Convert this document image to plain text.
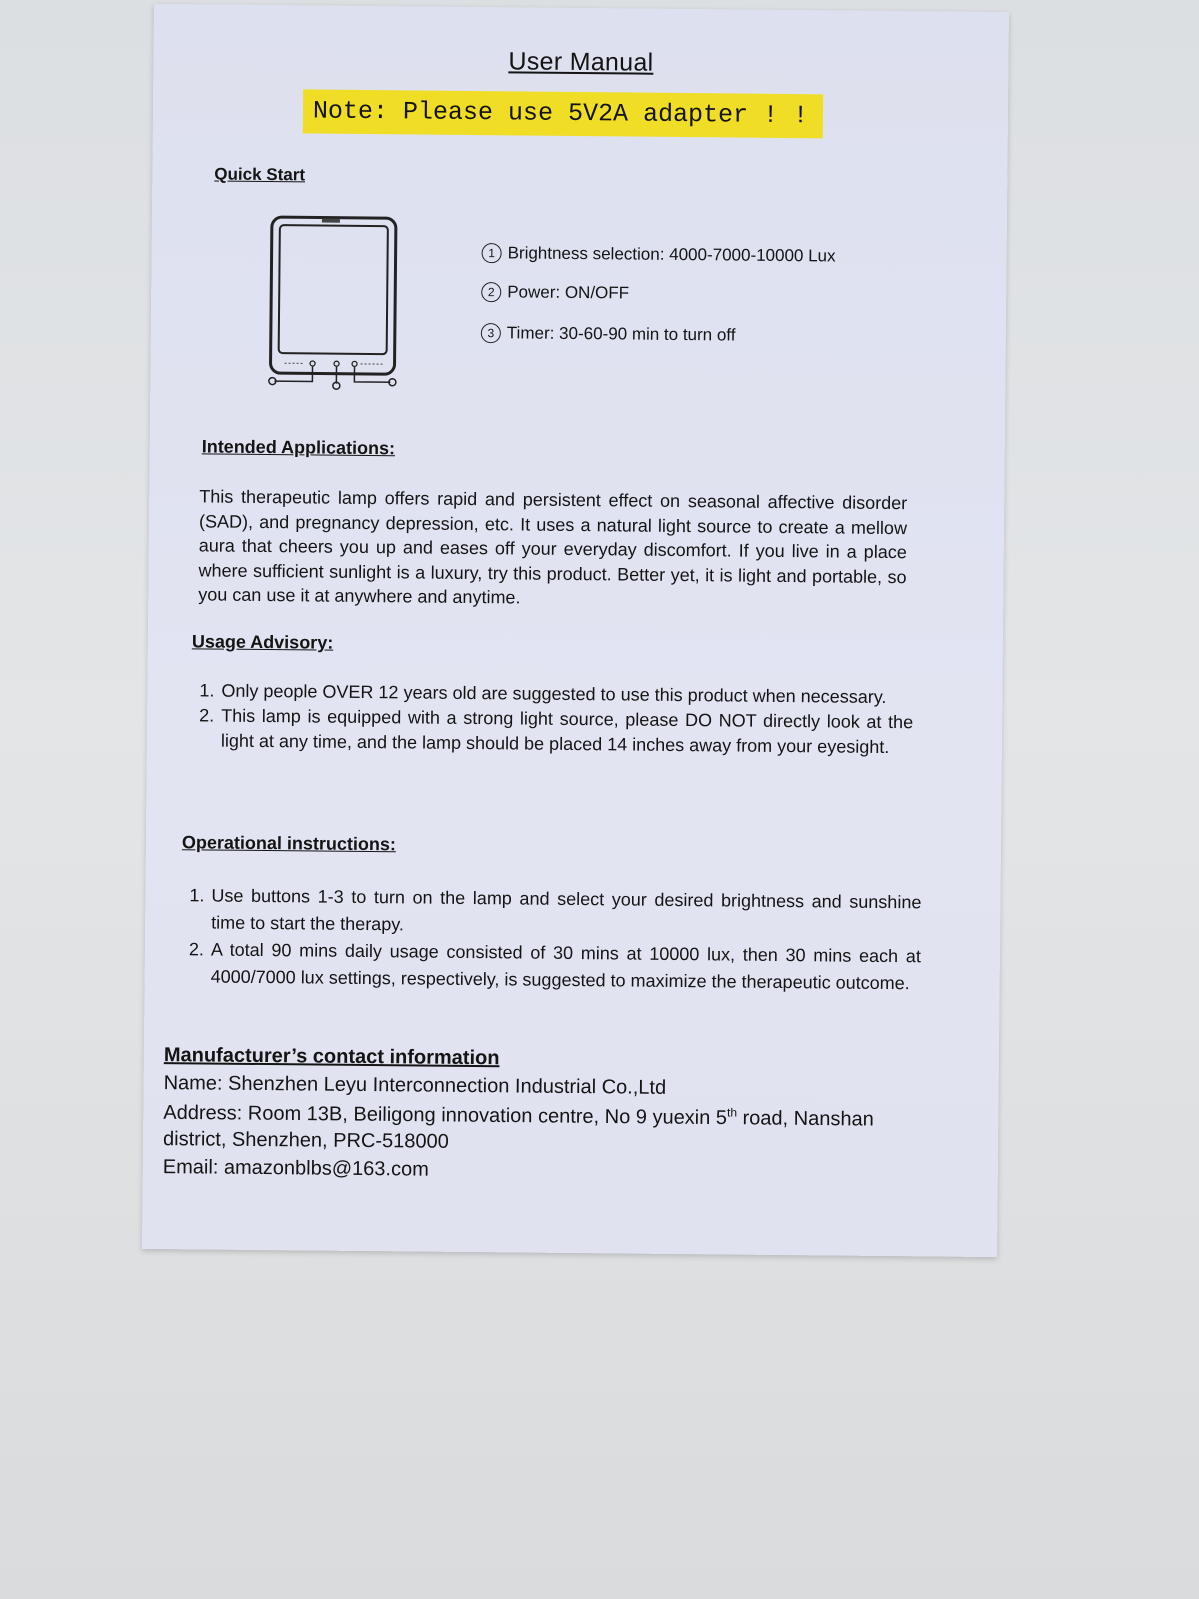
User Manual
Note: Please use 5V2A adapter ! !
Quick Start
1 Brightness selection: 4000-7000-10000 Lux
2 Power: ON/OFF
3 Timer: 30-60-90 min to turn off
Intended Applications:
This therapeutic lamp offers rapid and persistent effect on seasonal affective disorder (SAD), and pregnancy depression, etc. It uses a natural light source to create a mellow aura that cheers you up and eases off your everyday discomfort. If you live in a place where sufficient sunlight is a luxury, try this product. Better yet, it is light and portable, so you can use it at anywhere and anytime.
Usage Advisory:
1. Only people OVER 12 years old are suggested to use this product when necessary.
2. This lamp is equipped with a strong light source, please DO NOT directly look at the light at any time, and the lamp should be placed 14 inches away from your eyesight.
Operational instructions:
1. Use buttons 1-3 to turn on the lamp and select your desired brightness and sunshine time to start the therapy.
2. A total 90 mins daily usage consisted of 30 mins at 10000 lux, then 30 mins each at 4000/7000 lux settings, respectively, is suggested to maximize the therapeutic outcome.
Manufacturer’s contact information
Name: Shenzhen Leyu Interconnection Industrial Co.,Ltd
Address: Room 13B, Beiligong innovation centre, No 9 yuexin 5th road, Nanshan
district, Shenzhen, PRC-518000
Email: amazonblbs@163.com
